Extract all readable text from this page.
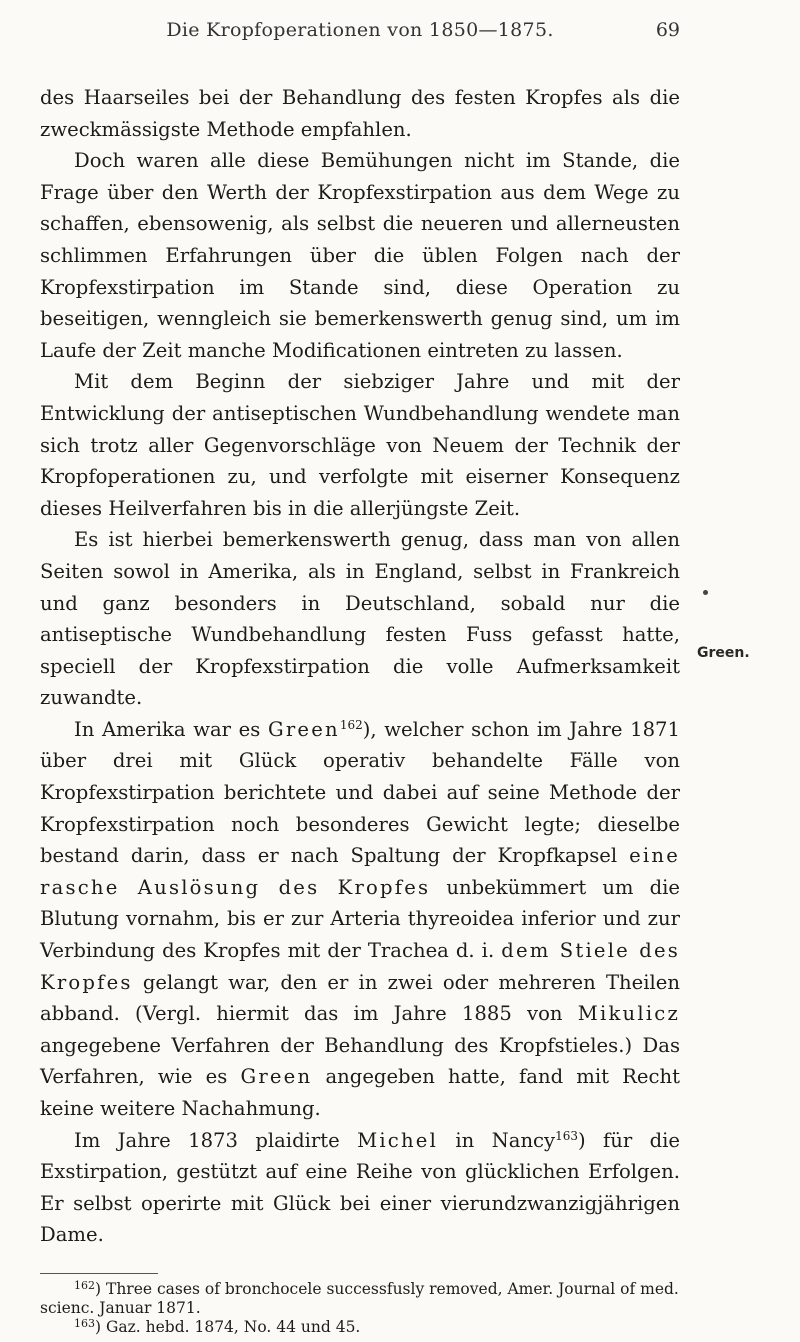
Die Kropfoperationen von 1850—1875.	69

des Haarseiles bei der Behandlung des festen Kropfes als die zweckmässigste Methode empfahlen.

Doch waren alle diese Bemühungen nicht im Stande, die Frage über den Werth der Kropfexstirpation aus dem Wege zu schaffen, ebensowenig, als selbst die neueren und allerneusten schlimmen Erfahrungen über die üblen Folgen nach der Kropfexstirpation im Stande sind, diese Operation zu beseitigen, wenngleich sie bemerkenswerth genug sind, um im Laufe der Zeit manche Modificationen eintreten zu lassen.

Mit dem Beginn der siebziger Jahre und mit der Entwicklung der antiseptischen Wundbehandlung wendete man sich trotz aller Gegenvorschläge von Neuem der Technik der Kropfoperationen zu, und verfolgte mit eiserner Konsequenz dieses Heilverfahren bis in die allerjüngste Zeit.

Es ist hierbei bemerkenswerth genug, dass man von allen Seiten sowol in Amerika, als in England, selbst in Frankreich und ganz besonders in Deutschland, sobald nur die antiseptische Wundbehandlung festen Fuss gefasst hatte, speciell der Kropfexstirpation die volle Aufmerksamkeit zuwandte.

In Amerika war es Green$^{162}$), welcher schon im Jahre 1871 über drei mit Glück operativ behandelte Fälle von Kropfexstirpation berichtete und dabei auf seine Methode der Kropfexstirpation noch besonderes Gewicht legte; dieselbe bestand darin, dass er nach Spaltung der Kropfkapsel eine rasche Auslösung des Kropfes unbekümmert um die Blutung vornahm, bis er zur Arteria thyreoidea inferior und zur Verbindung des Kropfes mit der Trachea d. i. dem Stiele des Kropfes gelangt war, den er in zwei oder mehreren Theilen abband. (Vergl. hiermit das im Jahre 1885 von Mikulicz angegebene Verfahren der Behandlung des Kropfstieles.) Das Verfahren, wie es Green angegeben hatte, fand mit Recht keine weitere Nachahmung.

Im Jahre 1873 plaidirte Michel in Nancy$^{163}$) für die Exstirpation, gestützt auf eine Reihe von glücklichen Erfolgen. Er selbst operirte mit Glück bei einer vierundzwanzigjährigen Dame.

Green.

$^{162}$) Three cases of bronchocele successfusly removed, Amer. Journal of med. scienc. Januar 1871.

$^{163}$) Gaz. hebd. 1874, No. 44 und 45.
